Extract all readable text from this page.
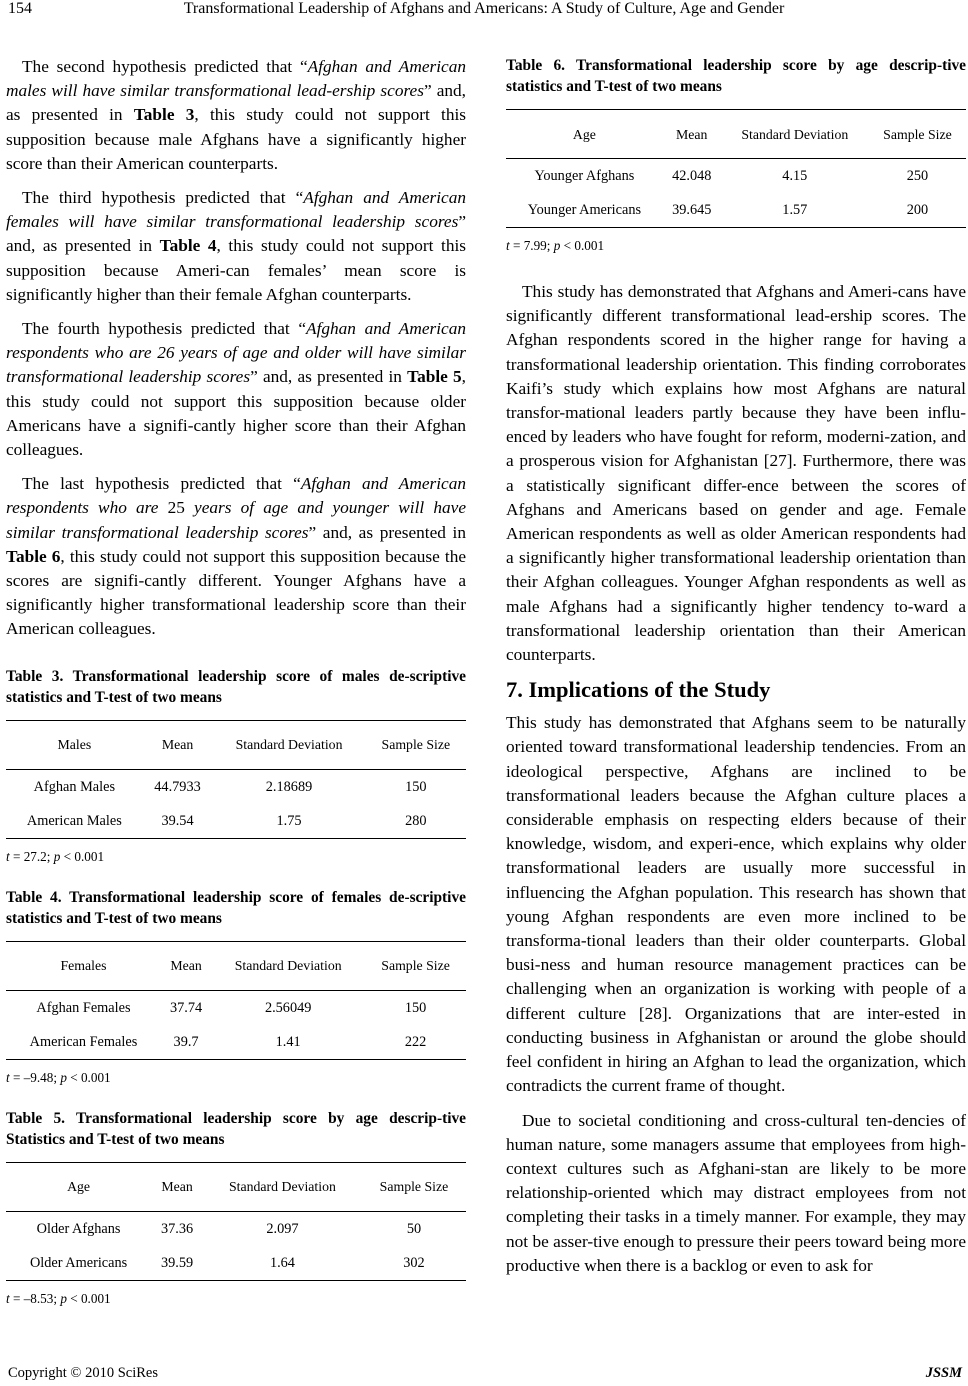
154	Transformational Leadership of Afghans and Americans: A Study of Culture, Age and Gender

The second hypothesis predicted that “Afghan and American males will have similar transformational lead-ership scores” and, as presented in Table 3, this study could not support this supposition because male Afghans have a significantly higher score than their American counterparts.

The third hypothesis predicted that “Afghan and American females will have similar transformational leadership scores” and, as presented in Table 4, this study could not support this supposition because Ameri-can females’ mean score is significantly higher than their female Afghan counterparts.

The fourth hypothesis predicted that “Afghan and American respondents who are 26 years of age and older will have similar transformational leadership scores” and, as presented in Table 5, this study could not support this supposition because older Americans have a signifi-cantly higher score than their Afghan colleagues.

The last hypothesis predicted that “Afghan and American respondents who are 25 years of age and younger will have similar transformational leadership scores” and, as presented in Table 6, this study could not support this supposition because the scores are signifi-cantly different. Younger Afghans have a significantly higher transformational leadership score than their American colleagues.

Table 3. Transformational leadership score of males de-scriptive statistics and T-test of two means
Males	Mean	Standard Deviation	Sample Size
Afghan Males	44.7933	2.18689	150
American Males	39.54	1.75	280
t = 27.2; p < 0.001
Table 4. Transformational leadership score of females de-scriptive statistics and T-test of two means
Females	Mean	Standard Deviation	Sample Size
Afghan Females	37.74	2.56049	150
American Females	39.7	1.41	222
t = –9.48; p < 0.001
Table 5. Transformational leadership score by age descrip-tive Statistics and T-test of two means
Age	Mean	Standard Deviation	Sample Size
Older Afghans	37.36	2.097	50
Older Americans	39.59	1.64	302
t = –8.53; p < 0.001
Table 6. Transformational leadership score by age descrip-tive statistics and T-test of two means
Age	Mean	Standard Deviation	Sample Size
Younger Afghans	42.048	4.15	250
Younger Americans	39.645	1.57	200
t = 7.99; p < 0.001

This study has demonstrated that Afghans and Ameri-cans have significantly different transformational lead-ership scores. The Afghan respondents scored in the higher range for having a transformational leadership orientation. This finding corroborates Kaifi’s study which explains how most Afghans are natural transfor-mational leaders partly because they have been influ-enced by leaders who have fought for reform, moderni-zation, and a prosperous vision for Afghanistan [27]. Furthermore, there was a statistically significant differ-ence between the scores of Afghans and Americans based on gender and age. Female American respondents as well as older American respondents had a significantly higher transformational leadership orientation than their Afghan colleagues. Younger Afghan respondents as well as male Afghans had a significantly higher tendency to-ward a transformational leadership orientation than their American counterparts.

7. Implications of the Study

This study has demonstrated that Afghans seem to be naturally oriented toward transformational leadership tendencies. From an ideological perspective, Afghans are inclined to be transformational leaders because the Afghan culture places a considerable emphasis on respecting elders because of their knowledge, wisdom, and experi-ence, which explains why older transformational leaders are usually more successful in influencing the Afghan population. This research has shown that young Afghan respondents are even more inclined to be transforma-tional leaders than their older counterparts. Global busi-ness and human resource management practices can be challenging when an organization is working with people of a different culture [28]. Organizations that are inter-ested in conducting business in Afghanistan or around the globe should feel confident in hiring an Afghan to lead the organization, which contradicts the current frame of thought.

Due to societal conditioning and cross-cultural ten-dencies of human nature, some managers assume that employees from high-context cultures such as Afghani-stan are likely to be more relationship-oriented which may distract employees from not completing their tasks in a timely manner. For example, they may not be asser-tive enough to pressure their peers toward being more productive when there is a backlog or even to ask for

Copyright © 2010 SciRes	JSSM
